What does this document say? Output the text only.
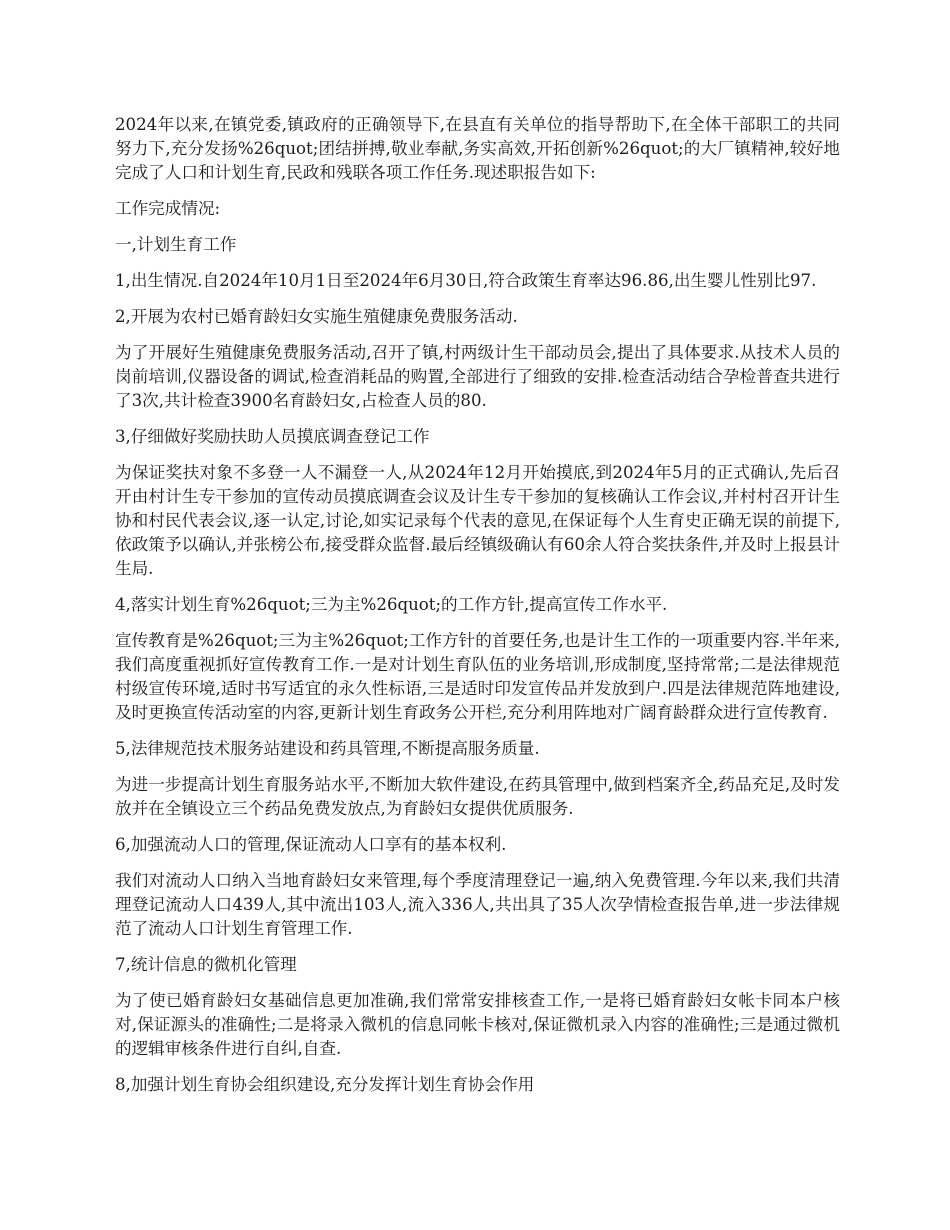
2024年以来,在镇党委,镇政府的正确领导下,在县直有关单位的指导帮助下,在全体干部职工的共同努力下,充分发扬%26quot;团结拼搏,敬业奉献,务实高效,开拓创新%26quot;的大厂镇精神,较好地完成了人口和计划生育,民政和残联各项工作任务.现述职报告如下:

工作完成情况:

一,计划生育工作

1,出生情况.自2024年10月1日至2024年6月30日,符合政策生育率达96.86,出生婴儿性别比97.

2,开展为农村已婚育龄妇女实施生殖健康免费服务活动.

为了开展好生殖健康免费服务活动,召开了镇,村两级计生干部动员会,提出了具体要求.从技术人员的岗前培训,仪器设备的调试,检查消耗品的购置,全部进行了细致的安排.检查活动结合孕检普查共进行了3次,共计检查3900名育龄妇女,占检查人员的80.

3,仔细做好奖励扶助人员摸底调查登记工作

为保证奖扶对象不多登一人不漏登一人,从2024年12月开始摸底,到2024年5月的正式确认,先后召开由村计生专干参加的宣传动员摸底调查会议及计生专干参加的复核确认工作会议,并村村召开计生协和村民代表会议,逐一认定,讨论,如实记录每个代表的意见,在保证每个人生育史正确无误的前提下,依政策予以确认,并张榜公布,接受群众监督.最后经镇级确认有60余人符合奖扶条件,并及时上报县计生局.

4,落实计划生育%26quot;三为主%26quot;的工作方针,提高宣传工作水平.

宣传教育是%26quot;三为主%26quot;工作方针的首要任务,也是计生工作的一项重要内容.半年来,我们高度重视抓好宣传教育工作.一是对计划生育队伍的业务培训,形成制度,坚持常常;二是法律规范村级宣传环境,适时书写适宜的永久性标语,三是适时印发宣传品并发放到户.四是法律规范阵地建设,及时更换宣传活动室的内容,更新计划生育政务公开栏,充分利用阵地对广阔育龄群众进行宣传教育.

5,法律规范技术服务站建设和药具管理,不断提高服务质量.

为进一步提高计划生育服务站水平,不断加大软件建设,在药具管理中,做到档案齐全,药品充足,及时发放并在全镇设立三个药品免费发放点,为育龄妇女提供优质服务.

6,加强流动人口的管理,保证流动人口享有的基本权利.

我们对流动人口纳入当地育龄妇女来管理,每个季度清理登记一遍,纳入免费管理.今年以来,我们共清理登记流动人口439人,其中流出103人,流入336人,共出具了35人次孕情检查报告单,进一步法律规范了流动人口计划生育管理工作.

7,统计信息的微机化管理

为了使已婚育龄妇女基础信息更加准确,我们常常安排核查工作,一是将已婚育龄妇女帐卡同本户核对,保证源头的准确性;二是将录入微机的信息同帐卡核对,保证微机录入内容的准确性;三是通过微机的逻辑审核条件进行自纠,自查.

8,加强计划生育协会组织建设,充分发挥计划生育协会作用
